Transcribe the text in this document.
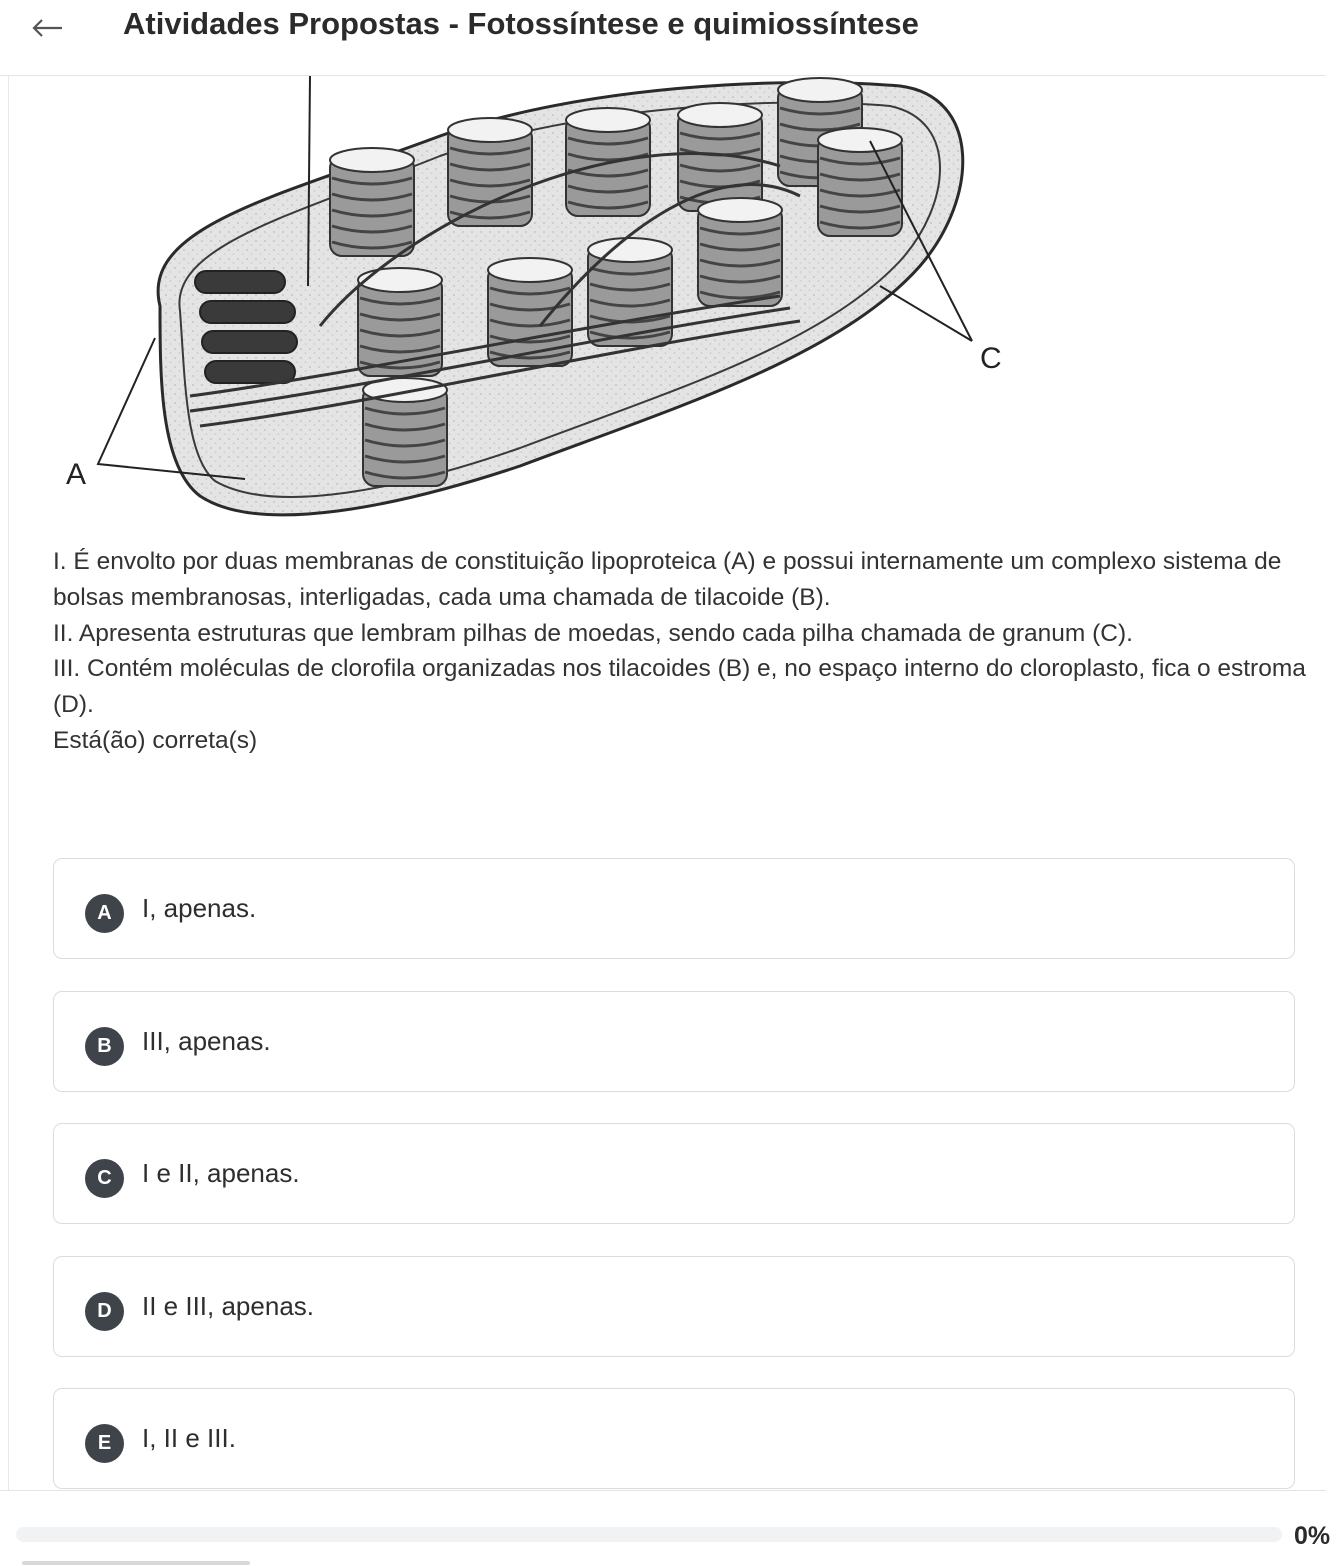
Atividades Propostas - Fotossíntese e quimiossíntese
A
C

I. É envolto por duas membranas de constituição lipoproteica (A) e possui internamente um complexo sistema de bolsas membranosas, interligadas, cada uma chamada de tilacoide (B).

II. Apresenta estruturas que lembram pilhas de moedas, sendo cada pilha chamada de granum (C).

III. Contém moléculas de clorofila organizadas nos tilacoides (B) e, no espaço interno do cloroplasto, fica o estroma (D).

Está(ão) correta(s)

A	I, apenas.
B	III, apenas.
C	I e II, apenas.
D	II e III, apenas.
E	I, II e III.
0%
